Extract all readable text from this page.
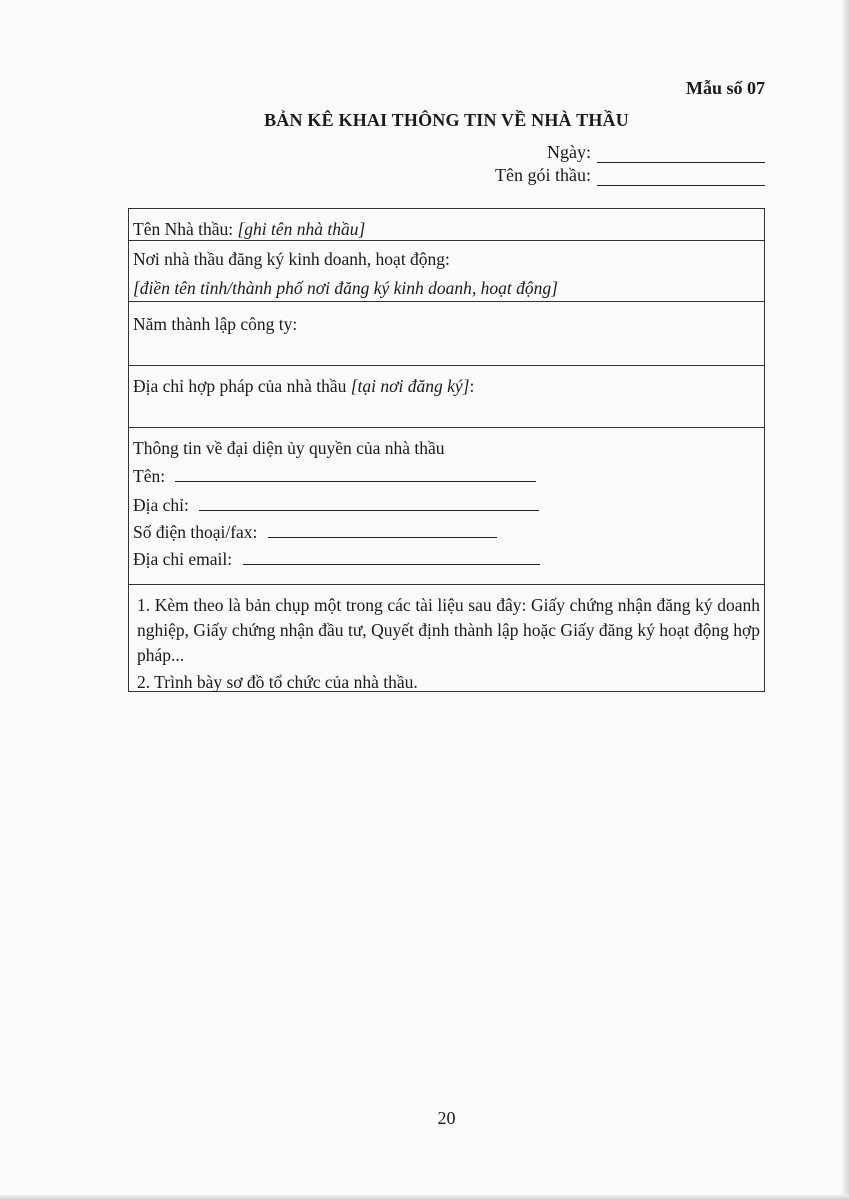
Mẫu số 07
BẢN KÊ KHAI THÔNG TIN VỀ NHÀ THẦU
Ngày:
Tên gói thầu:
Tên Nhà thầu: [ghi tên nhà thầu]
Nơi nhà thầu đăng ký kinh doanh, hoạt động:
[điền tên tỉnh/thành phố nơi đăng ký kinh doanh, hoạt động]
Năm thành lập công ty:
Địa chỉ hợp pháp của nhà thầu [tại nơi đăng ký]:
Thông tin về đại diện ủy quyền của nhà thầu
Tên:
Địa chỉ:
Số điện thoại/fax:
Địa chỉ email:
1. Kèm theo là bản chụp một trong các tài liệu sau đây: Giấy chứng nhận đăng ký doanh nghiệp, Giấy chứng nhận đầu tư, Quyết định thành lập hoặc Giấy đăng ký hoạt động hợp pháp...
2. Trình bày sơ đồ tổ chức của nhà thầu.
20
